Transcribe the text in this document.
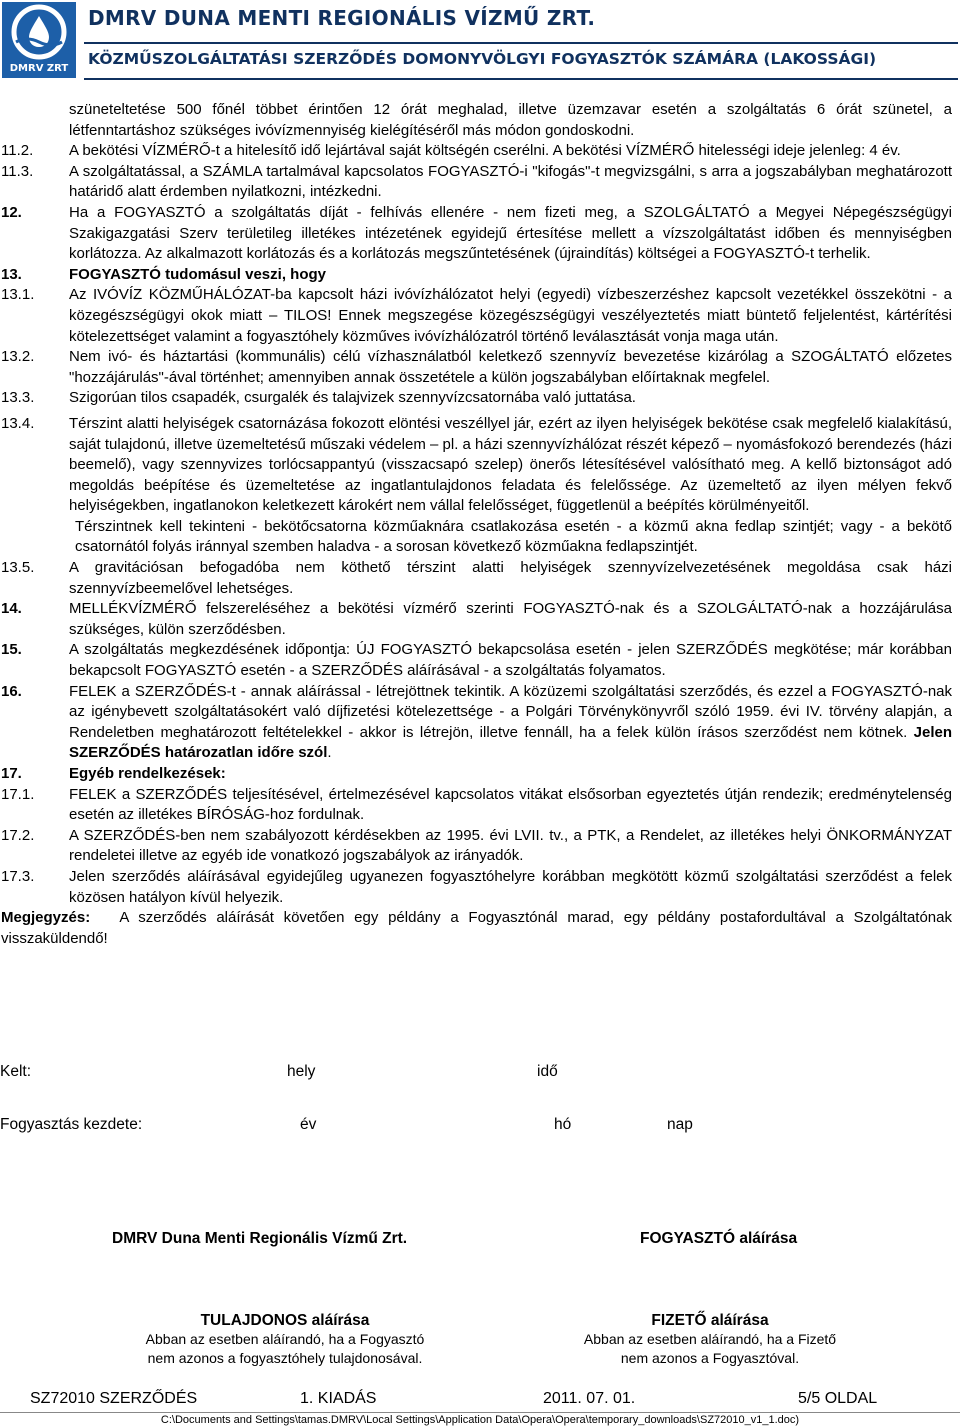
DMRV ZRT
DMRV DUNA MENTI REGIONÁLIS VÍZMŰ ZRT.
KÖZMŰSZOLGÁLTATÁSI SZERZŐDÉS DOMONYVÖLGYI FOGYASZTÓK SZÁMÁRA (LAKOSSÁGI)
szüneteltetése 500 főnél többet érintően 12 órát meghalad, illetve üzemzavar esetén a szolgáltatás 6 órát szünetel, a létfenntartáshoz szükséges ivóvízmennyiség kielégítéséről más módon gondoskodni.
11.2.	A bekötési VÍZMÉRŐ-t a hitelesítő idő lejártával saját költségén cserélni. A bekötési VÍZMÉRŐ hitelességi ideje jelenleg: 4 év.
11.3.	A szolgáltatással, a SZÁMLA tartalmával kapcsolatos FOGYASZTÓ-i "kifogás"-t megvizsgálni, s arra a jogszabályban meghatározott határidő alatt érdemben nyilatkozni, intézkedni.
12.	Ha a FOGYASZTÓ a szolgáltatás díját - felhívás ellenére - nem fizeti meg, a SZOLGÁLTATÓ a Megyei Népegészségügyi Szakigazgatási Szerv területileg illetékes intézetének egyidejű értesítése mellett a vízszolgáltatást időben és mennyiségben korlátozza. Az alkalmazott korlátozás és a korlátozás megszűntetésének (újraindítás) költségei a FOGYASZTÓ-t terhelik.
13.	FOGYASZTÓ tudomásul veszi, hogy
13.1.	Az IVÓVÍZ KÖZMŰHÁLÓZAT-ba kapcsolt házi ivóvízhálózatot helyi (egyedi) vízbeszerzéshez kapcsolt vezetékkel összekötni - a közegészségügyi okok miatt – TILOS! Ennek megszegése közegészségügyi veszélyeztetés miatt büntető feljelentést, kártérítési kötelezettséget valamint a fogyasztóhely közműves ivóvízhálózatról történő leválasztását vonja maga után.
13.2.	Nem ivó- és háztartási (kommunális) célú vízhasználatból keletkező szennyvíz bevezetése kizárólag a SZOGÁLTATÓ előzetes "hozzájárulás"-ával történhet; amennyiben annak összetétele a külön jogszabályban előírtaknak megfelel.
13.3.	Szigorúan tilos csapadék, csurgalék és talajvizek szennyvízcsatornába való juttatása.
13.4.	Térszint alatti helyiségek csatornázása fokozott elöntési veszéllyel jár, ezért az ilyen helyiségek bekötése csak megfelelő kialakítású, saját tulajdonú, illetve üzemeltetésű műszaki védelem – pl. a házi szennyvízhálózat részét képező – nyomásfokozó berendezés (házi beemelő), vagy szennyvizes torlócsappantyú (visszacsapó szelep) önerős létesítésével valósítható meg. A kellő biztonságot adó megoldás beépítése és üzemeltetése az ingatlantulajdonos feladata és felelőssége. Az üzemeltető az ilyen mélyen fekvő helyiségekben, ingatlanokon keletkezett károkért nem vállal felelősséget, függetlenül a beépítés körülményeitől.
Térszintnek kell tekinteni - bekötőcsatorna közműaknára csatlakozása esetén - a közmű akna fedlap szintjét; vagy - a bekötő csatornától folyás iránnyal szemben haladva - a sorosan következő közműakna fedlapszintjét.
13.5.	A gravitációsan befogadóba nem köthető térszint alatti helyiségek szennyvízelvezetésének megoldása csak házi szennyvízbeemelővel lehetséges.
14.	MELLÉKVÍZMÉRŐ felszereléséhez a bekötési vízmérő szerinti FOGYASZTÓ-nak és a SZOLGÁLTATÓ-nak a hozzájárulása szükséges, külön szerződésben.
15.	A szolgáltatás megkezdésének időpontja: ÚJ FOGYASZTÓ bekapcsolása esetén - jelen SZERZŐDÉS megkötése; már korábban bekapcsolt FOGYASZTÓ esetén - a SZERZŐDÉS aláírásával - a szolgáltatás folyamatos.
16.	FELEK a SZERZŐDÉS-t - annak aláírással - létrejöttnek tekintik. A közüzemi szolgáltatási szerződés, és ezzel a FOGYASZTÓ-nak az igénybevett szolgáltatásokért való díjfizetési kötelezettsége - a Polgári Törvénykönyvről szóló 1959. évi IV. törvény alapján, a Rendeletben meghatározott feltételekkel - akkor is létrejön, illetve fennáll, ha a felek külön írásos szerződést nem kötnek. Jelen SZERZŐDÉS határozatlan időre szól.
17.	Egyéb rendelkezések:
17.1.	FELEK a SZERZŐDÉS teljesítésével, értelmezésével kapcsolatos vitákat elsősorban egyeztetés útján rendezik; eredménytelenség esetén az illetékes BÍRÓSÁG-hoz fordulnak.
17.2.	A SZERZŐDÉS-ben nem szabályozott kérdésekben az 1995. évi LVII. tv., a PTK, a Rendelet, az illetékes helyi ÖNKORMÁNYZAT rendeletei illetve az egyéb ide vonatkozó jogszabályok az irányadók.
17.3.	Jelen szerződés aláírásával egyidejűleg ugyanezen fogyasztóhelyre korábban megkötött közmű szolgáltatási szerződést a felek közösen hatályon kívül helyezik.
Megjegyzés: A szerződés aláírását követően egy példány a Fogyasztónál marad, egy példány postafordultával a Szolgáltatónak visszaküldendő!
Kelt:	hely	idő
Fogyasztás kezdete:	év	hó	nap
DMRV Duna Menti Regionális Vízmű Zrt.	FOGYASZTÓ aláírása
TULAJDONOS aláírása
Abban az esetben aláírandó, ha a Fogyasztó
nem azonos a fogyasztóhely tulajdonosával.
FIZETŐ aláírása
Abban az esetben aláírandó, ha a Fizető
nem azonos a Fogyasztóval.
SZ72010 SZERZŐDÉS	1. KIADÁS	2011. 07. 01.	5/5 OLDAL
C:\Documents and Settings\tamas.DMRV\Local Settings\Application Data\Opera\Opera\temporary_downloads\SZ72010_v1_1.doc)
